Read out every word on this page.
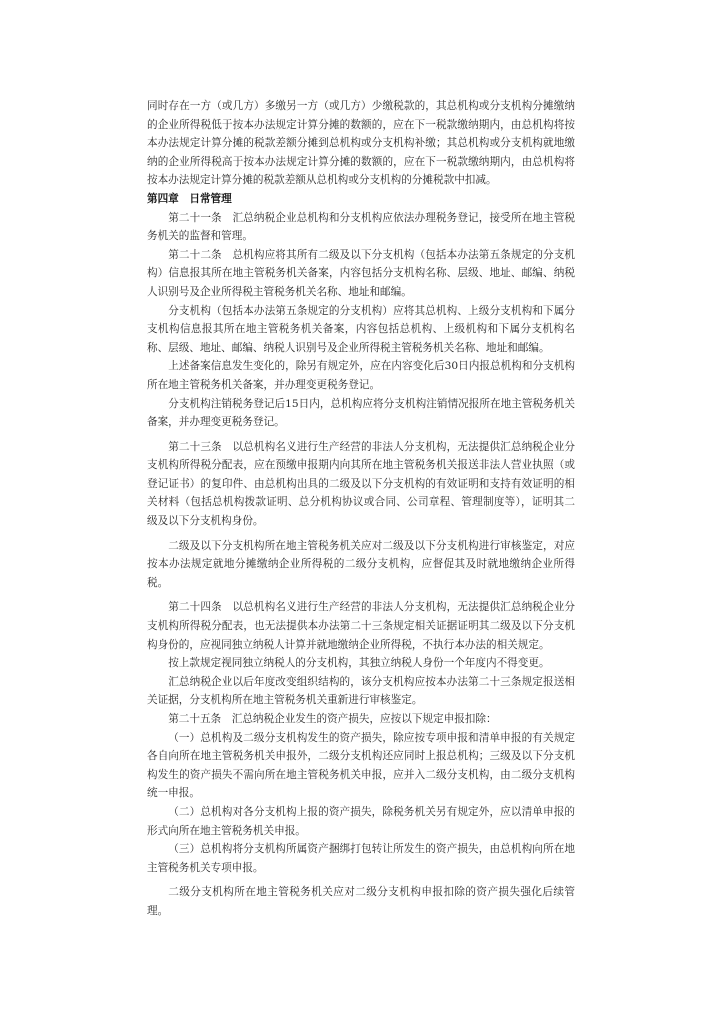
同时存在一方（或几方）多缴另一方（或几方）少缴税款的，其总机构或分支机构分摊缴纳的企业所得税低于按本办法规定计算分摊的数额的，应在下一税款缴纳期内，由总机构将按本办法规定计算分摊的税款差额分摊到总机构或分支机构补缴；其总机构或分支机构就地缴纳的企业所得税高于按本办法规定计算分摊的数额的，应在下一税款缴纳期内，由总机构将按本办法规定计算分摊的税款差额从总机构或分支机构的分摊税款中扣减。

第四章　日常管理

第二十一条　汇总纳税企业总机构和分支机构应依法办理税务登记，接受所在地主管税务机关的监督和管理。

第二十二条　总机构应将其所有二级及以下分支机构（包括本办法第五条规定的分支机构）信息报其所在地主管税务机关备案，内容包括分支机构名称、层级、地址、邮编、纳税人识别号及企业所得税主管税务机关名称、地址和邮编。

分支机构（包括本办法第五条规定的分支机构）应将其总机构、上级分支机构和下属分支机构信息报其所在地主管税务机关备案，内容包括总机构、上级机构和下属分支机构名称、层级、地址、邮编、纳税人识别号及企业所得税主管税务机关名称、地址和邮编。

上述备案信息发生变化的，除另有规定外，应在内容变化后30日内报总机构和分支机构所在地主管税务机关备案，并办理变更税务登记。

分支机构注销税务登记后15日内，总机构应将分支机构注销情况报所在地主管税务机关备案，并办理变更税务登记。

第二十三条　以总机构名义进行生产经营的非法人分支机构，无法提供汇总纳税企业分支机构所得税分配表，应在预缴申报期内向其所在地主管税务机关报送非法人营业执照（或登记证书）的复印件、由总机构出具的二级及以下分支机构的有效证明和支持有效证明的相关材料（包括总机构拨款证明、总分机构协议或合同、公司章程、管理制度等），证明其二级及以下分支机构身份。

二级及以下分支机构所在地主管税务机关应对二级及以下分支机构进行审核鉴定，对应按本办法规定就地分摊缴纳企业所得税的二级分支机构，应督促其及时就地缴纳企业所得税。

第二十四条　以总机构名义进行生产经营的非法人分支机构，无法提供汇总纳税企业分支机构所得税分配表，也无法提供本办法第二十三条规定相关证据证明其二级及以下分支机构身份的，应视同独立纳税人计算并就地缴纳企业所得税，不执行本办法的相关规定。

按上款规定视同独立纳税人的分支机构，其独立纳税人身份一个年度内不得变更。

汇总纳税企业以后年度改变组织结构的，该分支机构应按本办法第二十三条规定报送相关证据，分支机构所在地主管税务机关重新进行审核鉴定。

第二十五条　汇总纳税企业发生的资产损失，应按以下规定申报扣除：

（一）总机构及二级分支机构发生的资产损失，除应按专项申报和清单申报的有关规定各自向所在地主管税务机关申报外，二级分支机构还应同时上报总机构；三级及以下分支机构发生的资产损失不需向所在地主管税务机关申报，应并入二级分支机构，由二级分支机构统一申报。

（二）总机构对各分支机构上报的资产损失，除税务机关另有规定外，应以清单申报的形式向所在地主管税务机关申报。

（三）总机构将分支机构所属资产捆绑打包转让所发生的资产损失，由总机构向所在地主管税务机关专项申报。

二级分支机构所在地主管税务机关应对二级分支机构申报扣除的资产损失强化后续管理。
